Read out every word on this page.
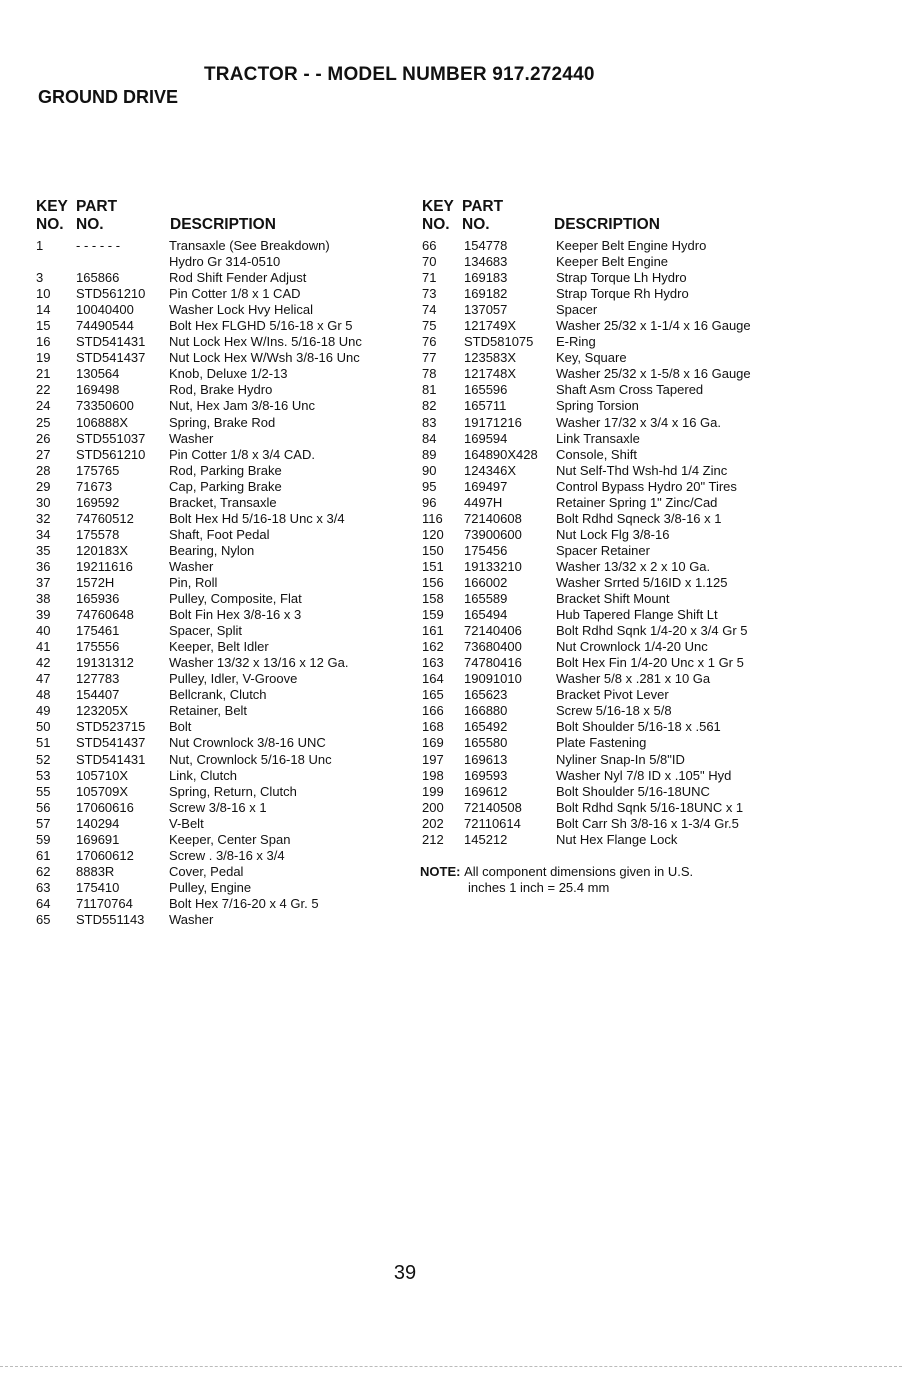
TRACTOR - - MODEL NUMBER 917.272440
GROUND DRIVE
KEY
NO.
PART
NO.	DESCRIPTION
1	- - - - - -	Transaxle (See Breakdown)
Hydro Gr 314-0510
3	165866	Rod Shift Fender Adjust
10 STD561210 Pin Cotter 1/8 x 1 CAD
14 10040400	Washer Lock Hvy Helical
15 74490544	Bolt Hex FLGHD 5/16-18 x Gr 5
16 STD541431 Nut Lock Hex W/Ins. 5/16-18 Unc
19 STD541437 Nut Lock Hex W/Wsh 3/8-16 Unc
21 130564	Knob, Deluxe 1/2-13
22 169498	Rod, Brake Hydro
24 73350600	Nut, Hex Jam 3/8-16 Unc
25 106888X	Spring, Brake Rod
26 STD551037 Washer
27 STD561210 Pin Cotter 1/8 x 3/4 CAD.
28 175765	Rod, Parking Brake
29 71673	Cap, Parking Brake
30 169592	Bracket, Transaxle
32 74760512	Bolt Hex Hd 5/16-18 Unc x 3/4
34 175578	Shaft, Foot Pedal
35 120183X	Bearing, Nylon
36 19211616	Washer
37 1572H	Pin, Roll
38 165936	Pulley, Composite, Flat
39 74760648	Bolt Fin Hex 3/8-16 x 3
40 175461	Spacer, Split
41 175556	Keeper, Belt Idler
42 19131312	Washer 13/32 x 13/16 x 12 Ga.
47 127783	Pulley, Idler, V-Groove
48 154407	Bellcrank, Clutch
49 123205X	Retainer, Belt
50 STD523715 Bolt
51 STD541437 Nut Crownlock 3/8-16 UNC
52 STD541431 Nut, Crownlock 5/16-18 Unc
53 105710X	Link, Clutch
55 105709X	Spring, Return, Clutch
56 17060616	Screw 3/8-16 x 1
57 140294	V-Belt
59 169691	Keeper, Center Span
61 17060612	Screw . 3/8-16 x 3/4
62 8883R	Cover, Pedal
63 175410	Pulley, Engine
64 71170764	Bolt Hex 7/16-20 x 4 Gr. 5
65 STD551143 Washer
KEY
NO.
PART
NO.	DESCRIPTION
66 154778	Keeper Belt Engine Hydro
70 134683	Keeper Belt Engine
71 169183	Strap Torque Lh Hydro
73 169182	Strap Torque Rh Hydro
74 137057	Spacer
75 121749X	Washer 25/32 x 1-1/4 x 16 Gauge
76 STD581075 E-Ring
77 123583X	Key, Square
78 121748X	Washer 25/32 x 1-5/8 x 16 Gauge
81 165596	Shaft Asm Cross Tapered
82 165711	Spring Torsion
83 19171216	Washer 17/32 x 3/4 x 16 Ga.
84 169594	Link Transaxle
89 164890X428 Console, Shift
90 124346X	Nut Self-Thd Wsh-hd 1/4 Zinc
95 169497	Control Bypass Hydro 20" Tires
96 4497H	Retainer Spring 1" Zinc/Cad
116 72140608	Bolt Rdhd Sqneck 3/8-16 x 1
120 73900600	Nut Lock Flg 3/8-16
150 175456	Spacer Retainer
151 19133210	Washer 13/32 x 2 x 10 Ga.
156 166002	Washer Srrted 5/16ID x 1.125
158 165589	Bracket Shift Mount
159 165494	Hub Tapered Flange Shift Lt
161 72140406	Bolt Rdhd Sqnk 1/4-20 x 3/4 Gr 5
162 73680400	Nut Crownlock 1/4-20 Unc
163 74780416	Bolt Hex Fin 1/4-20 Unc x 1 Gr 5
164 19091010	Washer 5/8 x .281 x 10 Ga
165 165623	Bracket Pivot Lever
166 166880	Screw 5/16-18 x 5/8
168 165492	Bolt Shoulder 5/16-18 x .561
169 165580	Plate Fastening
197 169613	Nyliner Snap-In 5/8"ID
198 169593	Washer Nyl 7/8 ID x .105" Hyd
199 169612	Bolt Shoulder 5/16-18UNC
200 72140508	Bolt Rdhd Sqnk 5/16-18UNC x 1
202 72110614	Bolt Carr Sh 3/8-16 x 1-3/4 Gr.5
212 145212	Nut Hex Flange Lock
NOTE: All component dimensions given in U.S.
inches 1 inch = 25.4 mm
39
